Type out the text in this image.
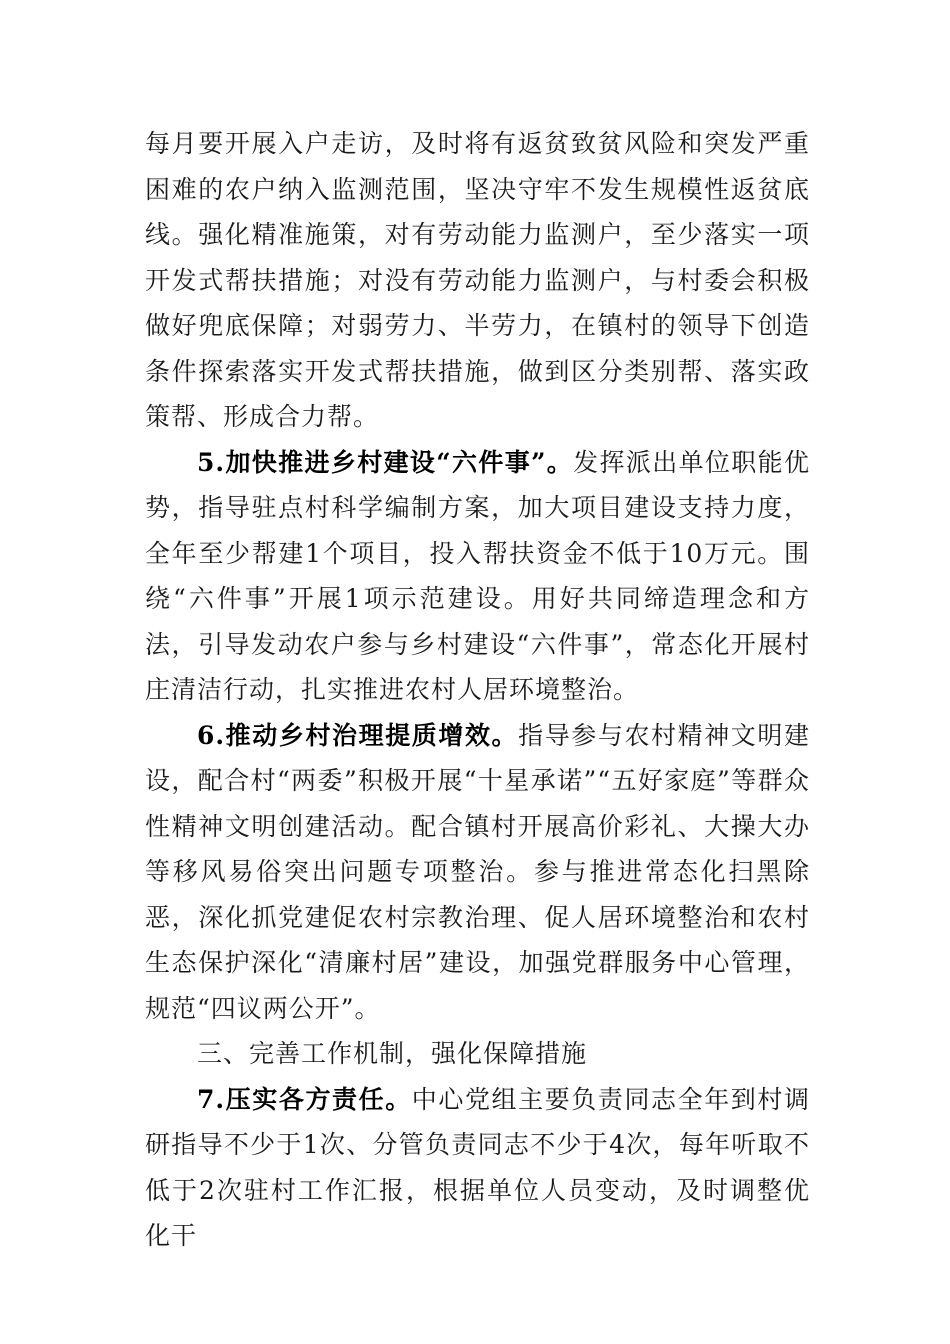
每月要开展入户走访，及时将有返贫致贫风险和突发严重困难的农户纳入监测范围，坚决守牢不发生规模性返贫底线。强化精准施策，对有劳动能力监测户，至少落实一项开发式帮扶措施；对没有劳动能力监测户，与村委会积极做好兜底保障；对弱劳力、半劳力，在镇村的领导下创造条件探索落实开发式帮扶措施，做到区分类别帮、落实政策帮、形成合力帮。

5.加快推进乡村建设“六件事”。发挥派出单位职能优势，指导驻点村科学编制方案，加大项目建设支持力度，全年至少帮建1个项目，投入帮扶资金不低于10万元。围绕“六件事”开展1项示范建设。用好共同缔造理念和方法，引导发动农户参与乡村建设“六件事”，常态化开展村庄清洁行动，扎实推进农村人居环境整治。

6.推动乡村治理提质增效。指导参与农村精神文明建设，配合村“两委”积极开展“十星承诺”“五好家庭”等群众性精神文明创建活动。配合镇村开展高价彩礼、大操大办等移风易俗突出问题专项整治。参与推进常态化扫黑除恶，深化抓党建促农村宗教治理、促人居环境整治和农村生态保护深化“清廉村居”建设，加强党群服务中心管理，规范“四议两公开”。

三、完善工作机制，强化保障措施

7.压实各方责任。中心党组主要负责同志全年到村调研指导不少于1次、分管负责同志不少于4次，每年听取不低于2次驻村工作汇报，根据单位人员变动，及时调整优化干
